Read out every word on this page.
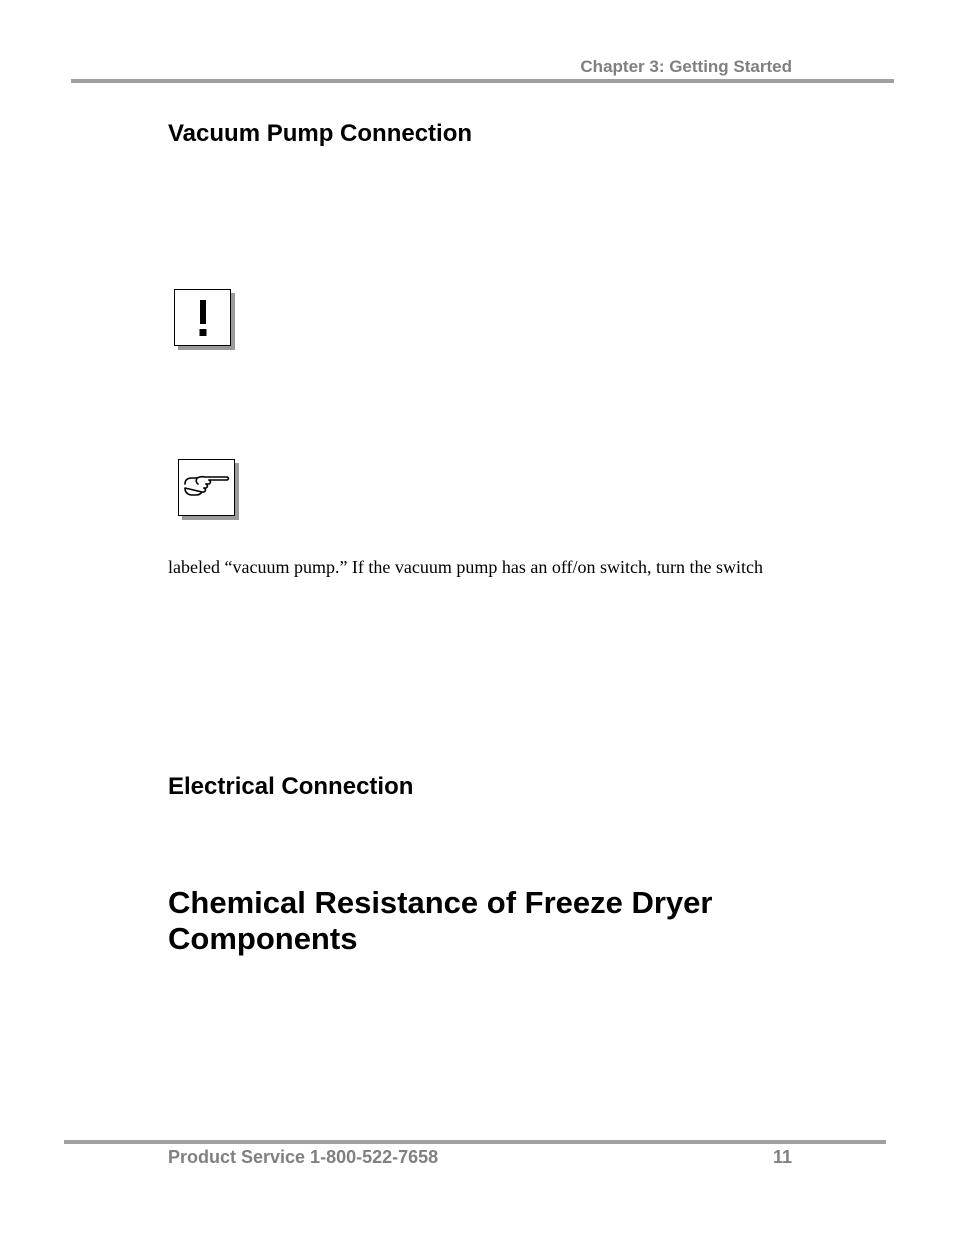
Chapter 3: Getting Started
Vacuum Pump Connection
labeled “vacuum pump.” If the vacuum pump has an off/on switch, turn the switch
Electrical Connection
Chemical Resistance of Freeze Dryer Components
Product Service 1-800-522-7658	11
